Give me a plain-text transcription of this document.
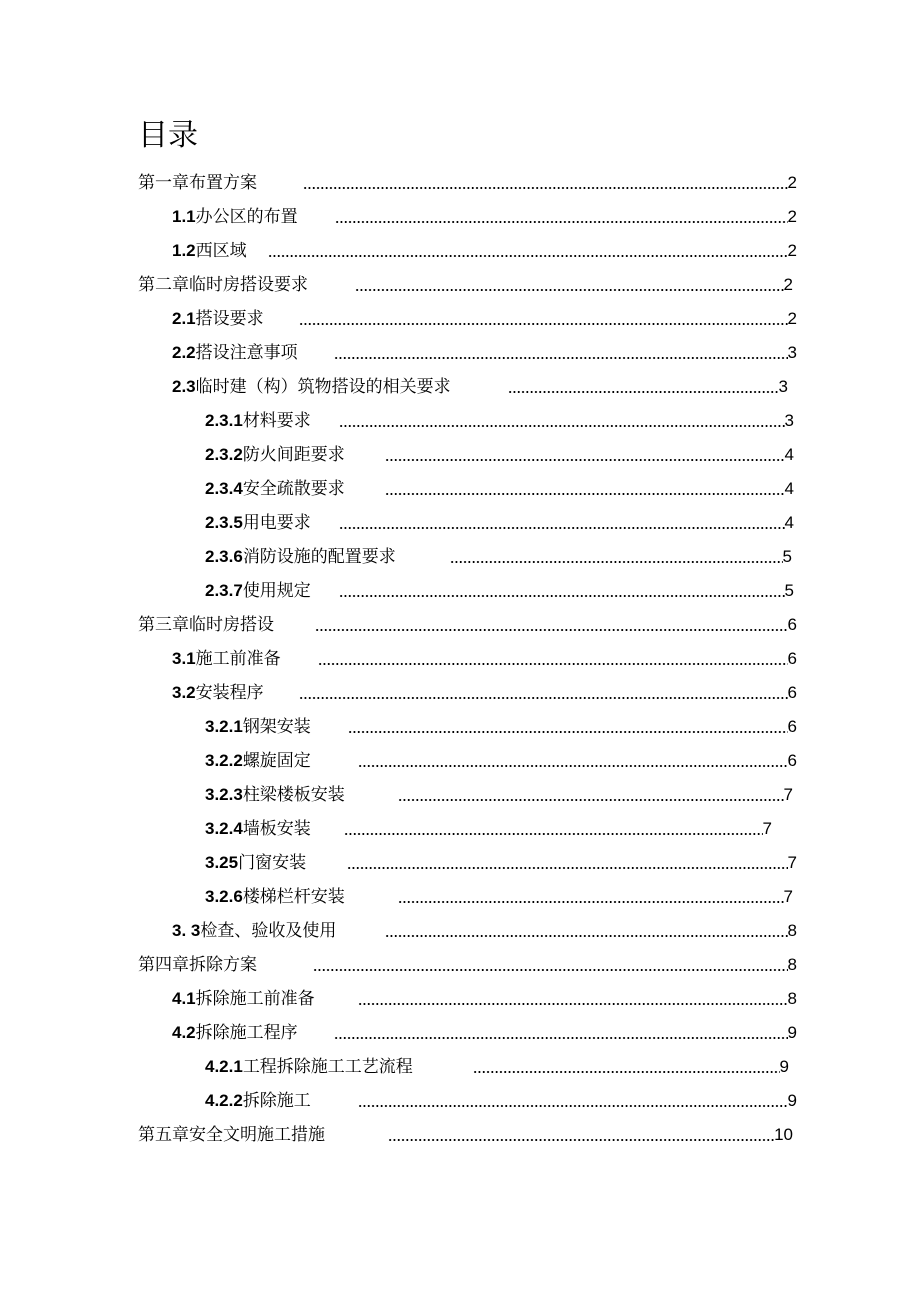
目录
第一章布置方案	2
1.1 办公区的布置	2
1.2 西区域	2
第二章临时房搭设要求	2
2.1 搭设要求	2
2.2 搭设注意事项	3
2.3 临时建（构）筑物搭设的相关要求	3
2.3.1 材料要求	3
2.3.2 防火间距要求	4
2.3.4 安全疏散要求	4
2.3.5 用电要求	4
2.3.6 消防设施的配置要求	5
2.3.7 使用规定	5
第三章临时房搭设	6
3.1 施工前准备	6
3.2 安装程序	6
3.2.1 钢架安装	6
3.2.2 螺旋固定	6
3.2.3 柱梁楼板安装	7
3.2.4 墙板安装	7
3.25 门窗安装	7
3.2.6 楼梯栏杆安装	7
3. 3 检查、验收及使用	8
第四章拆除方案	8
4.1 拆除施工前准备	8
4.2 拆除施工程序	9
4.2.1 工程拆除施工工艺流程	9
4.2.2 拆除施工	9
第五章安全文明施工措施	10
